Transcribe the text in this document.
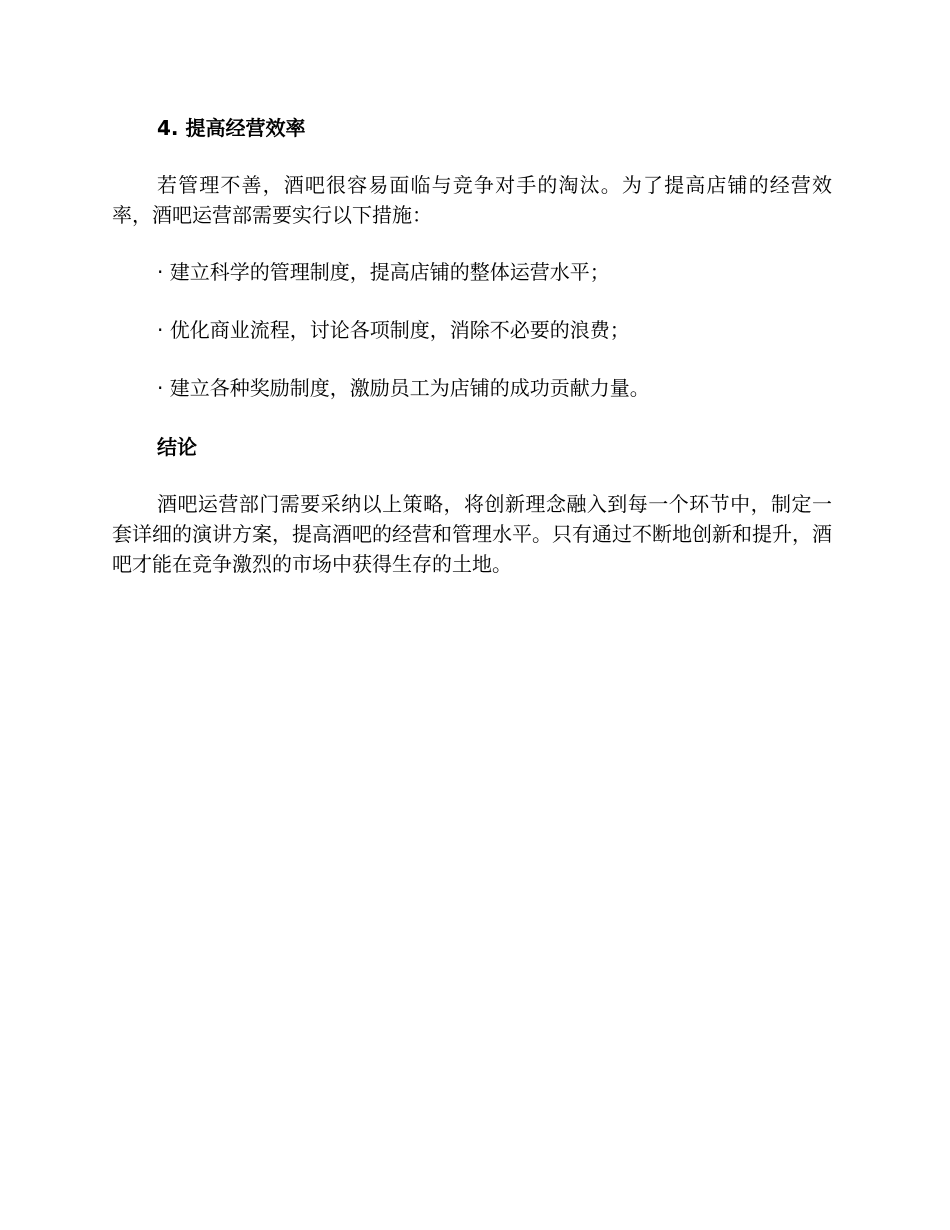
4. 提高经营效率

若管理不善，酒吧很容易面临与竞争对手的淘汰。为了提高店铺的经营效率，酒吧运营部需要实行以下措施：

· 建立科学的管理制度，提高店铺的整体运营水平；

· 优化商业流程，讨论各项制度，消除不必要的浪费；

· 建立各种奖励制度，激励员工为店铺的成功贡献力量。

结论

酒吧运营部门需要采纳以上策略，将创新理念融入到每一个环节中，制定一套详细的演讲方案，提高酒吧的经营和管理水平。只有通过不断地创新和提升，酒吧才能在竞争激烈的市场中获得生存的土地。
